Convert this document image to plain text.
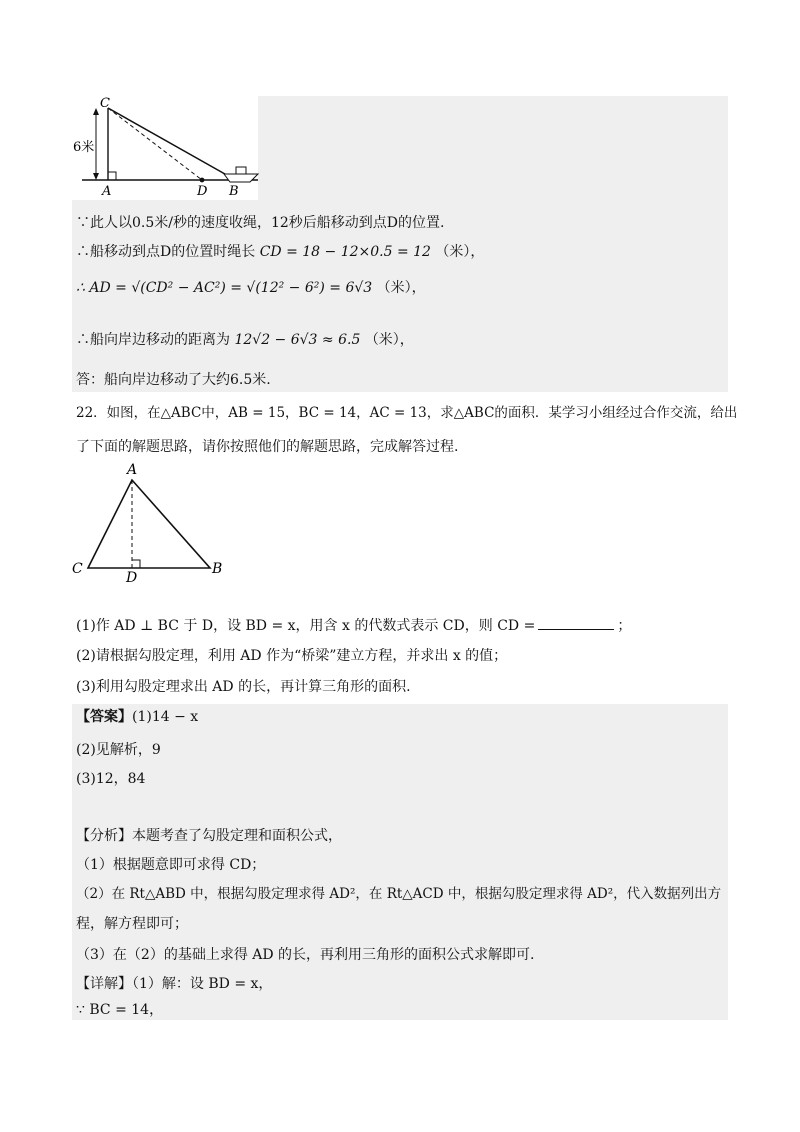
C
A	D B
6米
∵此人以0.5米/秒的速度收绳，12秒后船移动到点D的位置.
∴船移动到点D的位置时绳长 CD = 18 − 12×0.5 = 12 （米），
∴ AD = √(CD² − AC²) = √(12² − 6²) = 6√3 （米），
∴船向岸边移动的距离为 12√2 − 6√3 ≈ 6.5 （米），
答：船向岸边移动了大约6.5米.
22．如图，在△ABC中，AB = 15，BC = 14，AC = 13，求△ABC的面积．某学习小组经过合作交流，给出
了下面的解题思路，请你按照他们的解题思路，完成解答过程.
A
C
D
B
(1)作 AD ⊥ BC 于 D，设 BD = x，用含 x 的代数式表示 CD，则 CD =	；
(2)请根据勾股定理，利用 AD 作为“桥梁”建立方程，并求出 x 的值；
(3)利用勾股定理求出 AD 的长，再计算三角形的面积.
【答案】(1)14 − x
(2)见解析，9
(3)12，84
【分析】本题考查了勾股定理和面积公式，
（1）根据题意即可求得 CD；
（2）在 Rt△ABD 中，根据勾股定理求得 AD²，在 Rt△ACD 中，根据勾股定理求得 AD²，代入数据列出方
程，解方程即可；
（3）在（2）的基础上求得 AD 的长，再利用三角形的面积公式求解即可.
【详解】（1）解：设 BD = x，
∵ BC = 14，
